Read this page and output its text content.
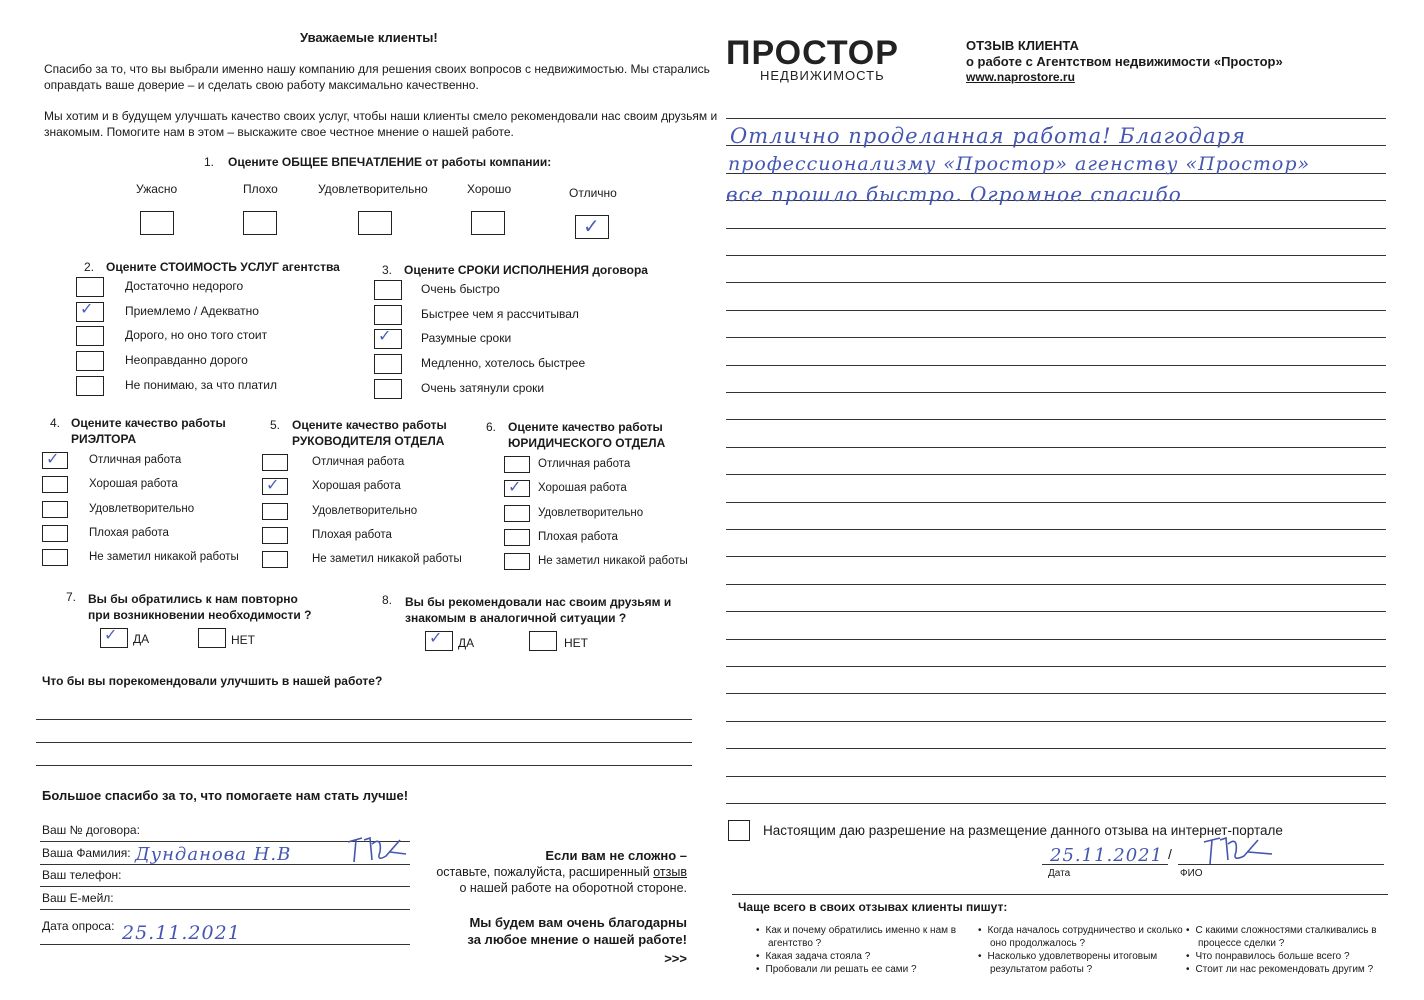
Уважаемые клиенты!
Спасибо за то, что вы выбрали именно нашу компанию для решения своих вопросов с недвижимостью. Мы старались
оправдать ваше доверие – и сделать свою работу максимально качественно.
Мы хотим и в будущем улучшать качество своих услуг, чтобы наши клиенты смело рекомендовали нас своим друзьям и
знакомым. Помогите нам в этом – выскажите свое честное мнение о нашей работе.
1. Оцените ОБЩЕЕ ВПЕЧАТЛЕНИЕ от работы компании:
Ужасно	Плохо	Удовлетворительно	Хорошо	Отлично
✓
2. Оцените СТОИМОСТЬ УСЛУГ агентства
Достаточно недорого
✓	Приемлемо / Адекватно
Дорого, но оно того стоит
Неоправданно дорого
Не понимаю, за что платил
3. Оцените СРОКИ ИСПОЛНЕНИЯ договора
Очень быстро
Быстрее чем я рассчитывал
✓ Разумные сроки
Медленно, хотелось быстрее
Очень затянули сроки
4. Оцените качество работы
РИЭЛТОРА
✓	Отличная работа
Хорошая работа
Удовлетворительно
Плохая работа
Не заметил никакой работы
5. Оцените качество работы
РУКОВОДИТЕЛЯ ОТДЕЛА
Отличная работа
✓	Хорошая работа
Удовлетворительно
Плохая работа
Не заметил никакой работы
6. Оцените качество работы
ЮРИДИЧЕСКОГО ОТДЕЛА
Отличная работа
✓ Хорошая работа
Удовлетворительно
Плохая работа
Не заметил никакой работы
7. Вы бы обратились к нам повторно
при возникновении необходимости ?
✓ ДА	НЕТ
8. Вы бы рекомендовали нас своим друзьям и
знакомым в аналогичной ситуации ?
✓ ДА	НЕТ
Что бы вы порекомендовали улучшить в нашей работе?
Большое спасибо за то, что помогаете нам стать лучше!
Ваш № договора:
Ваша Фамилия: Дунданова Н.В
Ваш телефон:
Ваш Е-мейл:
Дата опроса: 25.11.2021
Если вам не сложно –
оставьте, пожалуйста, расширенный отзыв
о нашей работе на оборотной стороне.
Мы будем вам очень благодарны
за любое мнение о нашей работе!
>>>
ПРОСТОР
НЕДВИЖИМОСТЬ
ОТЗЫВ КЛИЕНТА
о работе с Агентством недвижимости «Простор»
www.naprostore.ru
Отлично проделанная работа! Благодаря
профессионализму «Простор» агенству «Простор»
все прошло быстро. Огромное спасибо
Настоящим даю разрешение на размещение данного отзыва на интернет-портале
25.11.2021 /
Дата	ФИО
Чаще всего в своих отзывах клиенты пишут:
• Как и почему обратились именно к нам в
агентство ?
• Какая задача стояла ?
• Пробовали ли решать ее сами ?
• Когда началось сотрудничество и сколько
оно продолжалось ?
• Насколько удовлетворены итоговым
результатом работы ?
• С какими сложностями сталкивались в
процессе сделки ?
• Что понравилось больше всего ?
• Стоит ли нас рекомендовать другим ?
